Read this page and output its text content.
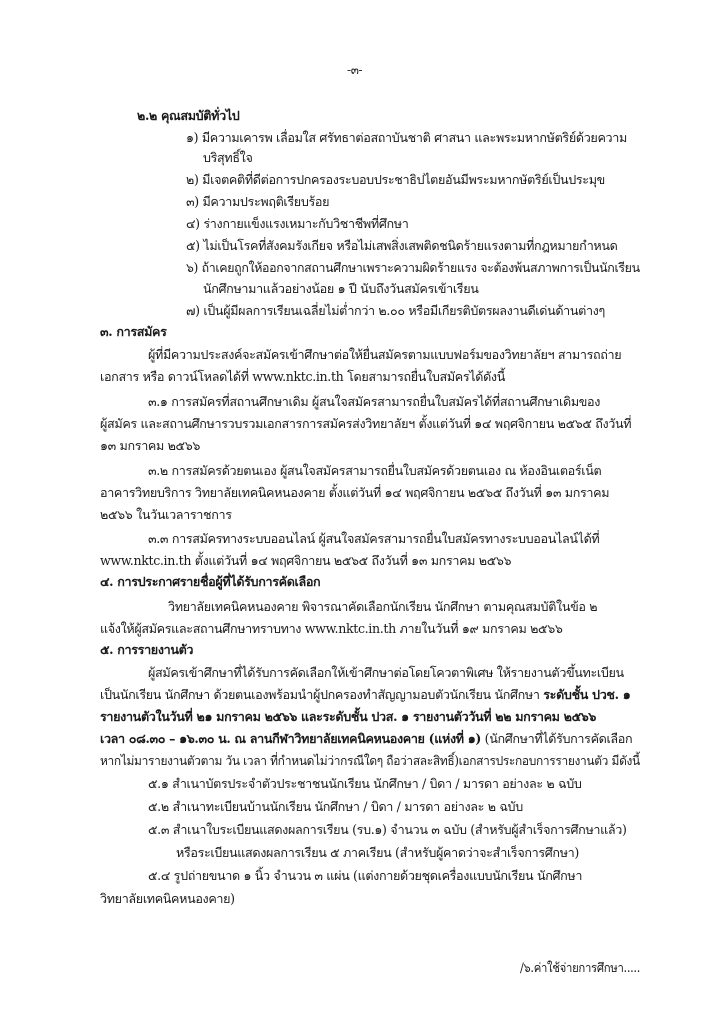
-๓-
๒.๒ คุณสมบัติทั่วไป
๑) มีความเคารพ เลื่อมใส ศรัทธาต่อสถาบันชาติ ศาสนา และพระมหากษัตริย์ด้วยความ
บริสุทธิ์ใจ
๒) มีเจตคติที่ดีต่อการปกครองระบอบประชาธิปไตยอันมีพระมหากษัตริย์เป็นประมุข
๓) มีความประพฤติเรียบร้อย
๔) ร่างกายแข็งแรงเหมาะกับวิชาชีพที่ศึกษา
๕) ไม่เป็นโรคที่สังคมรังเกียจ หรือไม่เสพสิ่งเสพติดชนิดร้ายแรงตามที่กฎหมายกำหนด
๖) ถ้าเคยถูกให้ออกจากสถานศึกษาเพราะความผิดร้ายแรง จะต้องพ้นสภาพการเป็นนักเรียน
นักศึกษามาแล้วอย่างน้อย ๑ ปี นับถึงวันสมัครเข้าเรียน
๗) เป็นผู้มีผลการเรียนเฉลี่ยไม่ต่ำกว่า ๒.๐๐ หรือมีเกียรติบัตรผลงานดีเด่นด้านต่างๆ
๓. การสมัคร
ผู้ที่มีความประสงค์จะสมัครเข้าศึกษาต่อให้ยื่นสมัครตามแบบฟอร์มของวิทยาลัยฯ สามารถถ่าย
เอกสาร หรือ ดาวน์โหลดได้ที่ www.nktc.in.th โดยสามารถยื่นใบสมัครได้ดังนี้
๓.๑ การสมัครที่สถานศึกษาเดิม ผู้สนใจสมัครสามารถยื่นใบสมัครได้ที่สถานศึกษาเดิมของ
ผู้สมัคร และสถานศึกษารวบรวมเอกสารการสมัครส่งวิทยาลัยฯ ตั้งแต่วันที่ ๑๔ พฤศจิกายน ๒๕๖๕ ถึงวันที่
๑๓ มกราคม ๒๕๖๖
๓.๒ การสมัครด้วยตนเอง ผู้สนใจสมัครสามารถยื่นใบสมัครด้วยตนเอง ณ ห้องอินเตอร์เน็ต
อาคารวิทยบริการ วิทยาลัยเทคนิคหนองคาย ตั้งแต่วันที่ ๑๔ พฤศจิกายน ๒๕๖๕ ถึงวันที่ ๑๓ มกราคม
๒๕๖๖ ในวันเวลาราชการ
๓.๓ การสมัครทางระบบออนไลน์ ผู้สนใจสมัครสามารถยื่นใบสมัครทางระบบออนไลน์ได้ที่
www.nktc.in.th ตั้งแต่วันที่ ๑๔ พฤศจิกายน ๒๕๖๕ ถึงวันที่ ๑๓ มกราคม ๒๕๖๖
๔. การประกาศรายชื่อผู้ที่ได้รับการคัดเลือก
วิทยาลัยเทคนิคหนองคาย พิจารณาคัดเลือกนักเรียน นักศึกษา ตามคุณสมบัติในข้อ ๒
แจ้งให้ผู้สมัครและสถานศึกษาทราบทาง www.nktc.in.th ภายในวันที่ ๑๙ มกราคม ๒๕๖๖
๕. การรายงานตัว
ผู้สมัครเข้าศึกษาที่ได้รับการคัดเลือกให้เข้าศึกษาต่อโดยโควตาพิเศษ ให้รายงานตัวขึ้นทะเบียน
เป็นนักเรียน นักศึกษา ด้วยตนเองพร้อมนำผู้ปกครองทำสัญญามอบตัวนักเรียน นักศึกษา ระดับชั้น ปวช. ๑
รายงานตัวในวันที่ ๒๑ มกราคม ๒๕๖๖ และระดับชั้น ปวส. ๑ รายงานตัววันที่ ๒๒ มกราคม ๒๕๖๖
เวลา ๐๘.๓๐ – ๑๖.๓๐ น. ณ ลานกีฬาวิทยาลัยเทคนิคหนองคาย (แห่งที่ ๑) (นักศึกษาที่ได้รับการคัดเลือก
หากไม่มารายงานตัวตาม วัน เวลา ที่กำหนดไม่ว่ากรณีใดๆ ถือว่าสละสิทธิ์)เอกสารประกอบการรายงานตัว มีดังนี้
๕.๑ สำเนาบัตรประจำตัวประชาชนนักเรียน นักศึกษา / บิดา / มารดา อย่างละ ๒ ฉบับ
๕.๒ สำเนาทะเบียนบ้านนักเรียน นักศึกษา / บิดา / มารดา อย่างละ ๒ ฉบับ
๕.๓ สำเนาใบระเบียนแสดงผลการเรียน (รบ.๑) จำนวน ๓ ฉบับ (สำหรับผู้สำเร็จการศึกษาแล้ว)
หรือระเบียนแสดงผลการเรียน ๕ ภาคเรียน (สำหรับผู้คาดว่าจะสำเร็จการศึกษา)
๕.๔ รูปถ่ายขนาด ๑ นิ้ว จำนวน ๓ แผ่น (แต่งกายด้วยชุดเครื่องแบบนักเรียน นักศึกษา
วิทยาลัยเทคนิคหนองคาย)
/๖.ค่าใช้จ่ายการศึกษา.....
